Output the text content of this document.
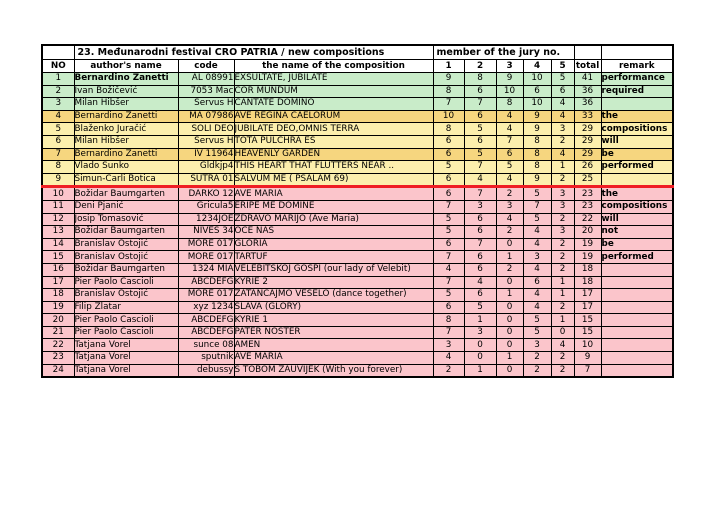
	23. Međunarodni festival CRO PATRIA / new compositions			member of the jury no.						
NO	author's name	code	the name of the composition	1	2	3	4	5	total	remark
1	Bernardino Zanetti	AL 08991	EXSULTATE, JUBILATE	9	8	9	10	5	41	performance
2	Ivan Božičević	7053 Mac	COR MUNDUM	8	6	10	6	6	36	required
3	Milan Hibšer	Servus H	CANTATE DOMINO	7	7	8	10	4	36	
4	Bernardino Zanetti	MA 07986	AVE REGINA CAELORUM	10	6	4	9	4	33	the
5	Blaženko Juračić	SOLI DEO	JUBILATE DEO,OMNIS TERRA	8	5	4	9	3	29	compositions
6	Milan Hibšer	Servus H	TOTA PULCHRA ES	6	6	7	8	2	29	will
7	Bernardino Zanetti	IV 11964	HEAVENLY GARDEN	6	5	6	8	4	29	be
8	Vlado Sunko	Gldkjp4	THIS HEART THAT FLUTTERS NEAR ..	5	7	5	8	1	26	performed
9	Šimun-Čarli Botica	SUTRA 01	SALVUM ME ( PSALAM 69)	6	4	4	9	2	25	
10	Božidar Baumgarten	DARKO 12	AVE MARIA	6	7	2	5	3	23	the
11	Deni Pjanić	Gricula5	ERIPE ME DOMINE	7	3	3	7	3	23	compositions
12	Josip Tomasović	1234JOE	ZDRAVO MARIJO (Ave Maria)	5	6	4	5	2	22	will
13	Božidar Baumgarten	NIVES 34	OČE NAŠ	5	6	2	4	3	20	not
14	Branislav Ostojić	MORE 017	GLORIA	6	7	0	4	2	19	be
15	Branislav Ostojić	MORE 017	TARTUF	7	6	1	3	2	19	performed
16	Božidar Baumgarten	1324 MIA	VELEBITSKOJ GOSPI (our lady of Velebit)	4	6	2	4	2	18	
17	Pier Paolo Cascioli	ABCDEFG	KYRIE 2	7	4	0	6	1	18	
18	Branislav Ostojić	MORE 017	ZATANCAJMO VESELO (dance together)	5	6	1	4	1	17	
19	Filip Zlatar	xyz 1234	SLAVA (GLORY)	6	5	0	4	2	17	
20	Pier Paolo Cascioli	ABCDEFG	KYRIE 1	8	1	0	5	1	15	
21	Pier Paolo Cascioli	ABCDEFG	PATER NOSTER	7	3	0	5	0	15	
22	Tatjana Vorel	sunce 08	AMEN	3	0	0	3	4	10	
23	Tatjana Vorel	sputnik	AVE MARIA	4	0	1	2	2	9	
24	Tatjana Vorel	debussy	S TOBOM ZAUVIJEK (With you forever)	2	1	0	2	2	7	
